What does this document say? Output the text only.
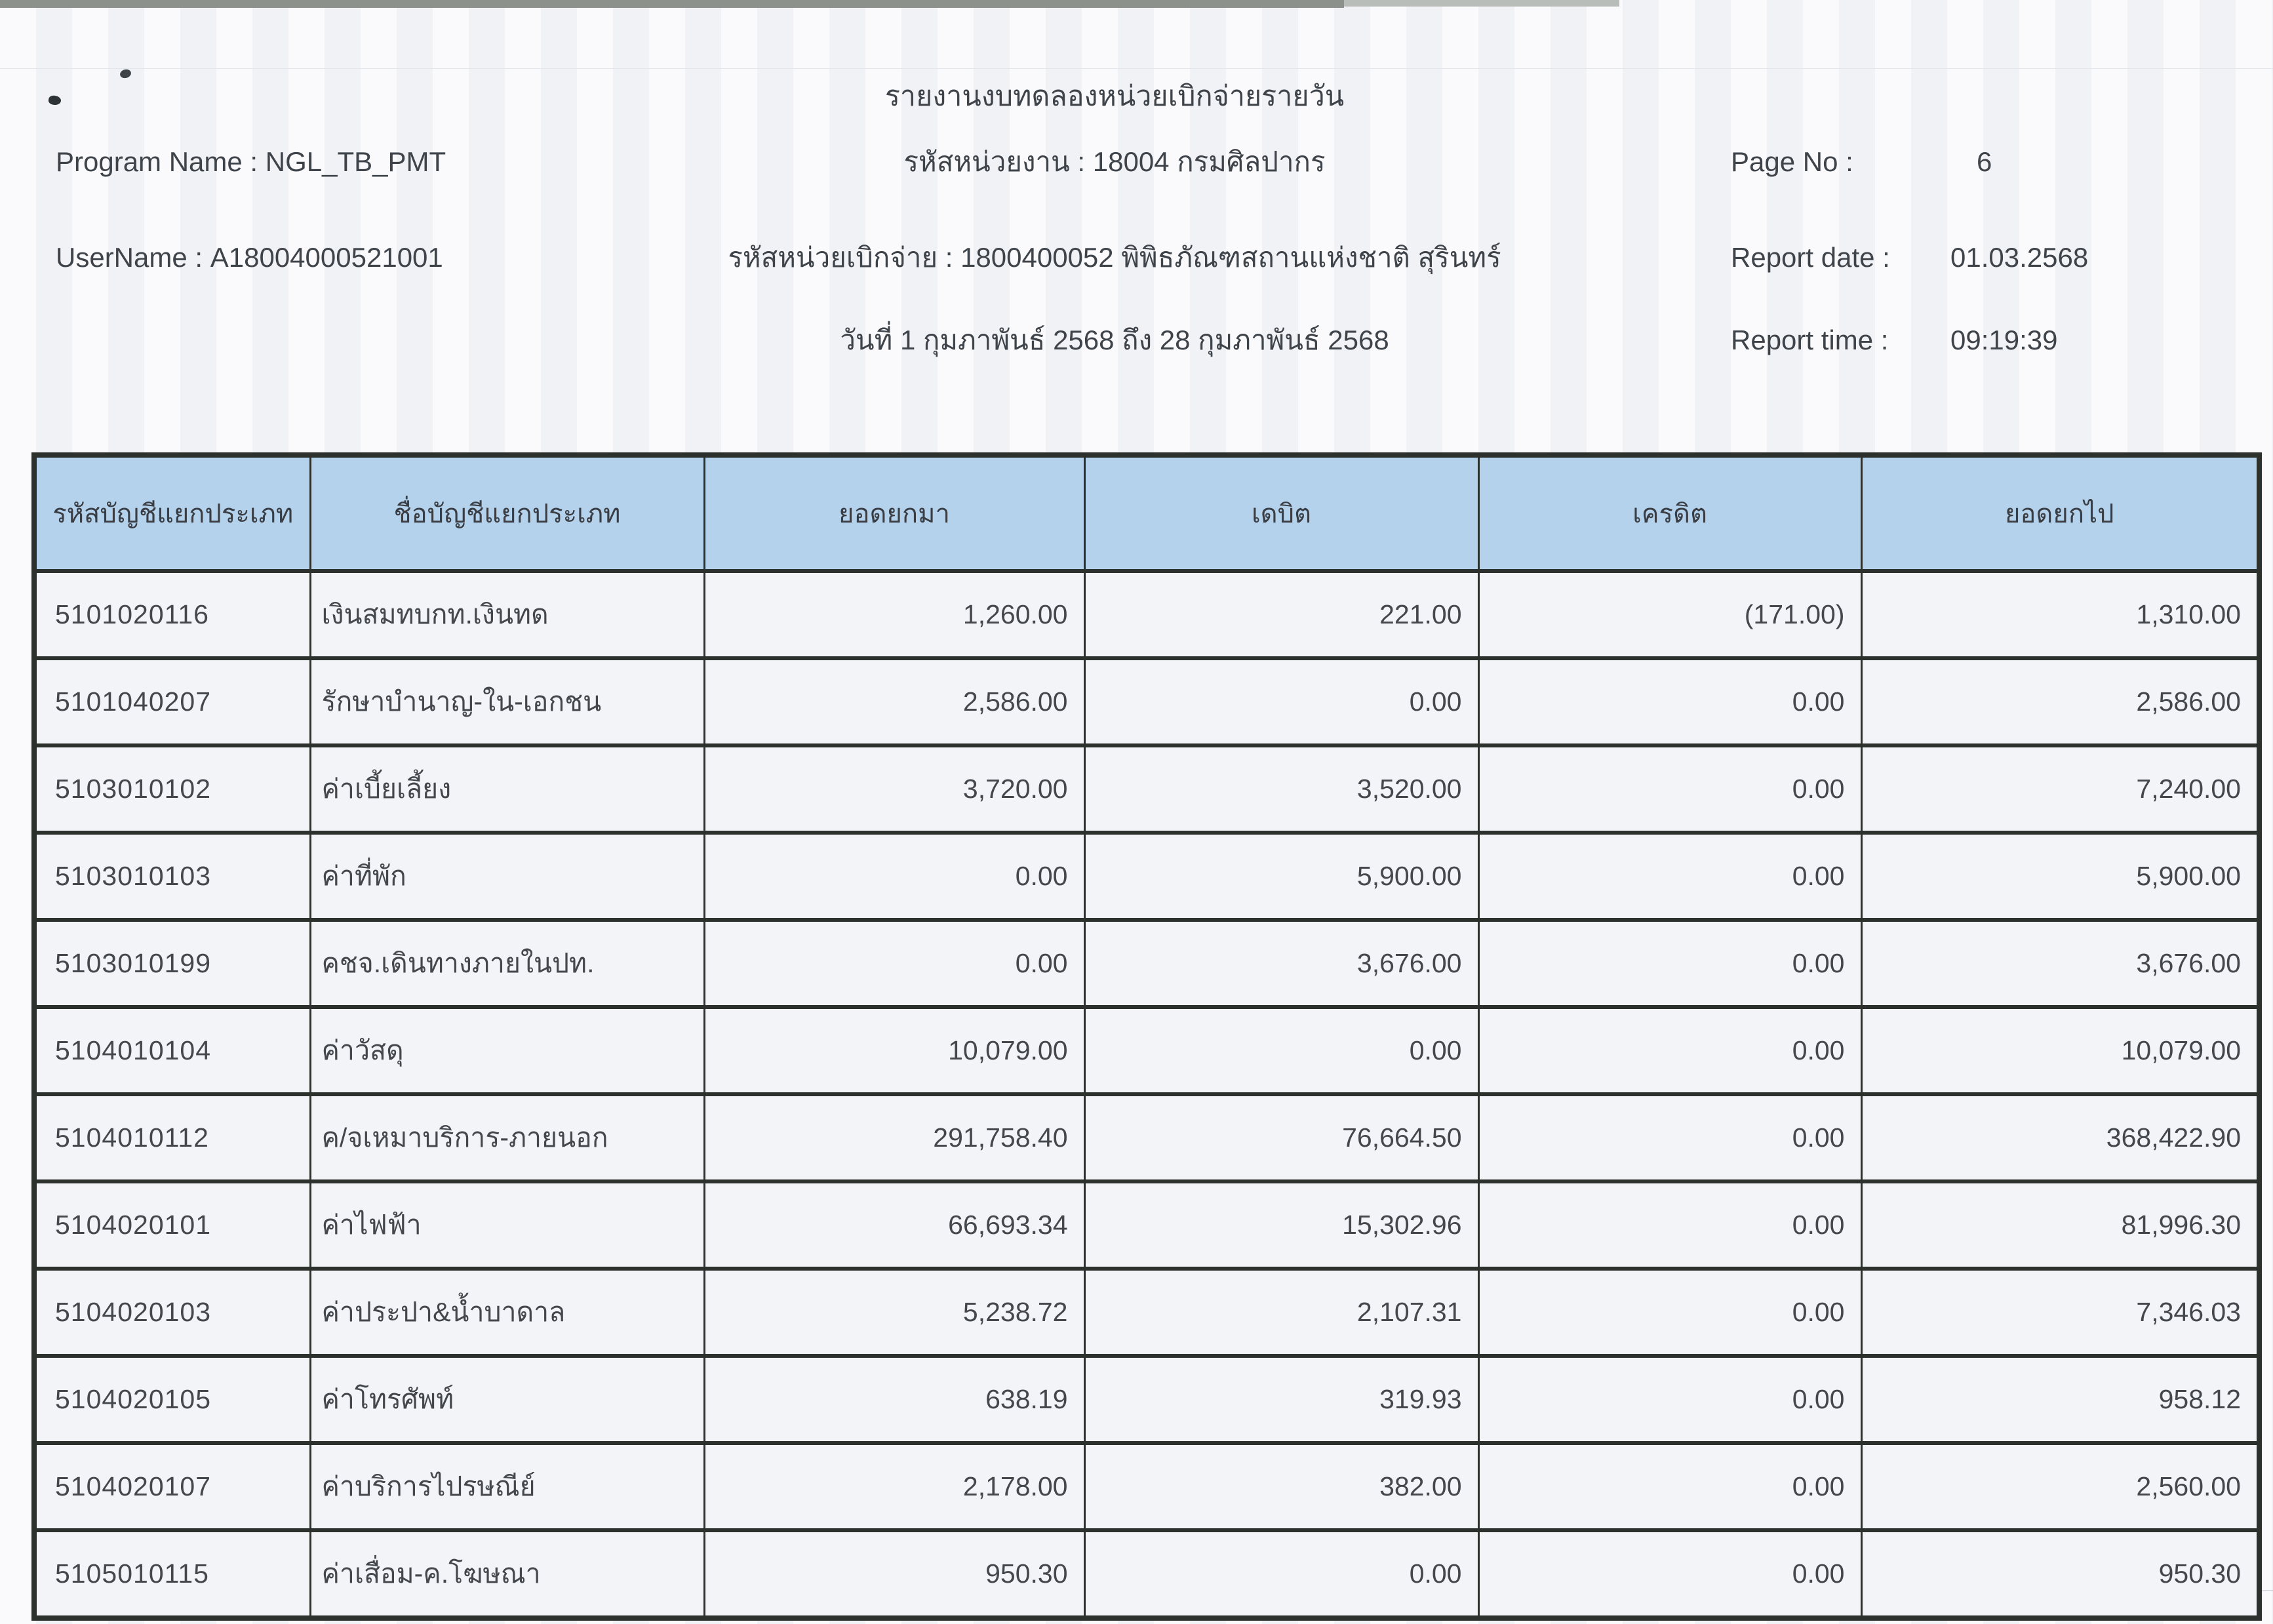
รายงานงบทดลองหน่วยเบิกจ่ายรายวัน
Program Name : NGL_TB_PMT	รหัสหน่วยงาน : 18004 กรมศิลปากร	Page No :	6
UserName : A18004000521001	รหัสหน่วยเบิกจ่าย : 1800400052 พิพิธภัณฑสถานแห่งชาติ สุรินทร์	Report date : 01.03.2568
วันที่ 1 กุมภาพันธ์ 2568 ถึง 28 กุมภาพันธ์ 2568	Report time : 09:19:39
รหัสบัญชีแยกประเภท	ชื่อบัญชีแยกประเภท	ยอดยกมา	เดบิต	เครดิต	ยอดยกไป
5101020116	เงินสมทบกท.เงินทด	1,260.00	221.00	(171.00)	1,310.00
5101040207	รักษาบำนาญ-ใน-เอกชน	2,586.00	0.00	0.00	2,586.00
5103010102	ค่าเบี้ยเลี้ยง	3,720.00	3,520.00	0.00	7,240.00
5103010103	ค่าที่พัก	0.00	5,900.00	0.00	5,900.00
5103010199	คชจ.เดินทางภายในปท.	0.00	3,676.00	0.00	3,676.00
5104010104	ค่าวัสดุ	10,079.00	0.00	0.00	10,079.00
5104010112	ค/จเหมาบริการ-ภายนอก	291,758.40	76,664.50	0.00	368,422.90
5104020101	ค่าไฟฟ้า	66,693.34	15,302.96	0.00	81,996.30
5104020103	ค่าประปา&น้ำบาดาล	5,238.72	2,107.31	0.00	7,346.03
5104020105	ค่าโทรศัพท์	638.19	319.93	0.00	958.12
5104020107	ค่าบริการไปรษณีย์	2,178.00	382.00	0.00	2,560.00
5105010115	ค่าเสื่อม-ค.โฆษณา	950.30	0.00	0.00	950.30
